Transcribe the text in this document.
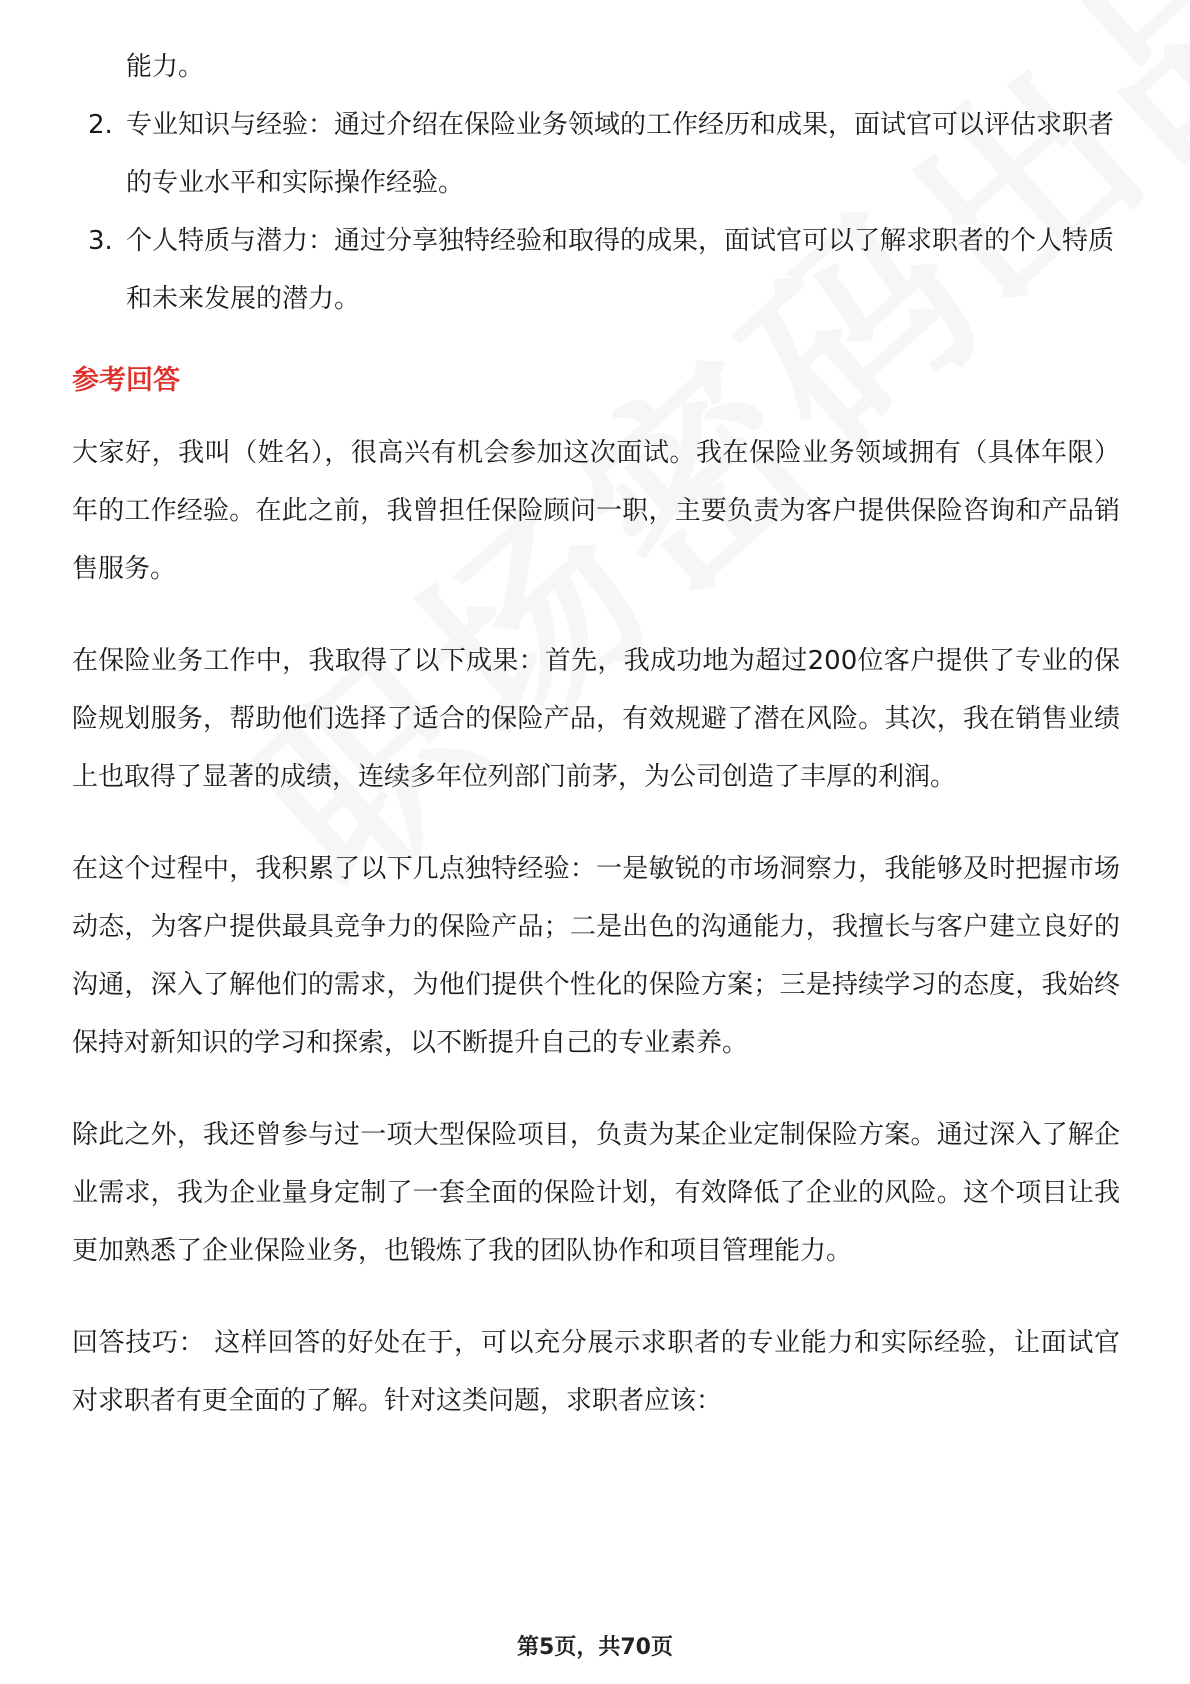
能力。
2. 专业知识与经验：通过介绍在保险业务领域的工作经历和成果，面试官可以评估求职者的专业水平和实际操作经验。
3. 个人特质与潜力：通过分享独特经验和取得的成果，面试官可以了解求职者的个人特质和未来发展的潜力。
参考回答

大家好，我叫（姓名），很高兴有机会参加这次面试。我在保险业务领域拥有（具体年限）年的工作经验。在此之前，我曾担任保险顾问一职，主要负责为客户提供保险咨询和产品销售服务。

在保险业务工作中，我取得了以下成果：首先，我成功地为超过200位客户提供了专业的保险规划服务，帮助他们选择了适合的保险产品，有效规避了潜在风险。其次，我在销售业绩上也取得了显著的成绩，连续多年位列部门前茅，为公司创造了丰厚的利润。

在这个过程中，我积累了以下几点独特经验：一是敏锐的市场洞察力，我能够及时把握市场动态，为客户提供最具竞争力的保险产品；二是出色的沟通能力，我擅长与客户建立良好的沟通，深入了解他们的需求，为他们提供个性化的保险方案；三是持续学习的态度，我始终保持对新知识的学习和探索，以不断提升自己的专业素养。

除此之外，我还曾参与过一项大型保险项目，负责为某企业定制保险方案。通过深入了解企业需求，我为企业量身定制了一套全面的保险计划，有效降低了企业的风险。这个项目让我更加熟悉了企业保险业务，也锻炼了我的团队协作和项目管理能力。

回答技巧： 这样回答的好处在于，可以充分展示求职者的专业能力和实际经验，让面试官对求职者有更全面的了解。针对这类问题，求职者应该：

第5页，共70页
